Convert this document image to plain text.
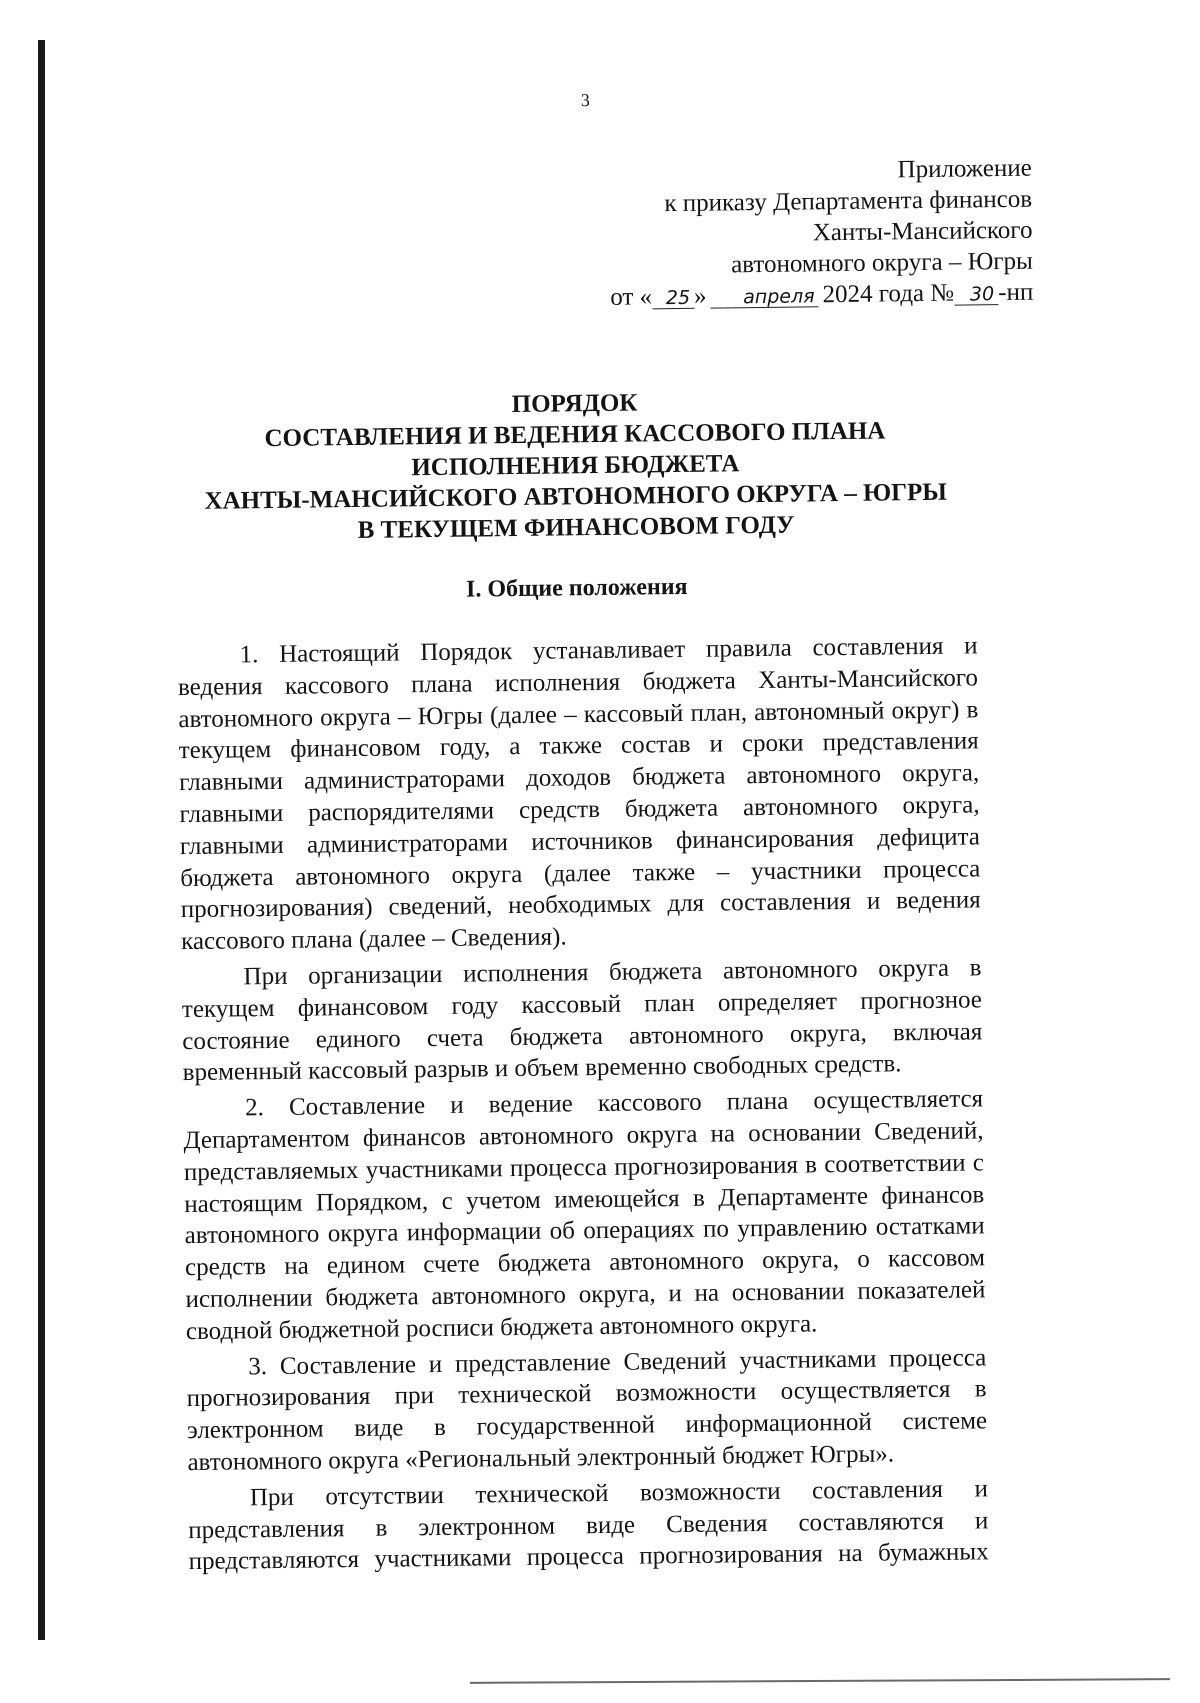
3
Приложение
к приказу Департамента финансов
Ханты-Мансийского
автономного округа – Югры
от « 25 » апреля 2024 года № 30 -нп
ПОРЯДОК
СОСТАВЛЕНИЯ И ВЕДЕНИЯ КАССОВОГО ПЛАНА
ИСПОЛНЕНИЯ БЮДЖЕТА
ХАНТЫ-МАНСИЙСКОГО АВТОНОМНОГО ОКРУГА – ЮГРЫ
В ТЕКУЩЕМ ФИНАНСОВОМ ГОДУ
I. Общие положения

1. Настоящий Порядок устанавливает правила составления и ведения кассового плана исполнения бюджета Ханты-Мансийского автономного округа – Югры (далее – кассовый план, автономный округ) в текущем финансовом году, а также состав и сроки представления главными администраторами доходов бюджета автономного округа, главными распорядителями средств бюджета автономного округа, главными администраторами источников финансирования дефицита бюджета автономного округа (далее также – участники процесса прогнозирования) сведений, необходимых для составления и ведения кассового плана (далее – Сведения).

При организации исполнения бюджета автономного округа в текущем финансовом году кассовый план определяет прогнозное состояние единого счета бюджета автономного округа, включая временный кассовый разрыв и объем временно свободных средств.

2. Составление и ведение кассового плана осуществляется Департаментом финансов автономного округа на основании Сведений, представляемых участниками процесса прогнозирования в соответствии с настоящим Порядком, с учетом имеющейся в Департаменте финансов автономного округа информации об операциях по управлению остатками средств на едином счете бюджета автономного округа, о кассовом исполнении бюджета автономного округа, и на основании показателей сводной бюджетной росписи бюджета автономного округа.

3. Составление и представление Сведений участниками процесса прогнозирования при технической возможности осуществляется в электронном виде в государственной информационной системе автономного округа «Региональный электронный бюджет Югры».

При отсутствии технической возможности составления и представления в электронном виде Сведения составляются и представляются участниками процесса прогнозирования на бумажных
